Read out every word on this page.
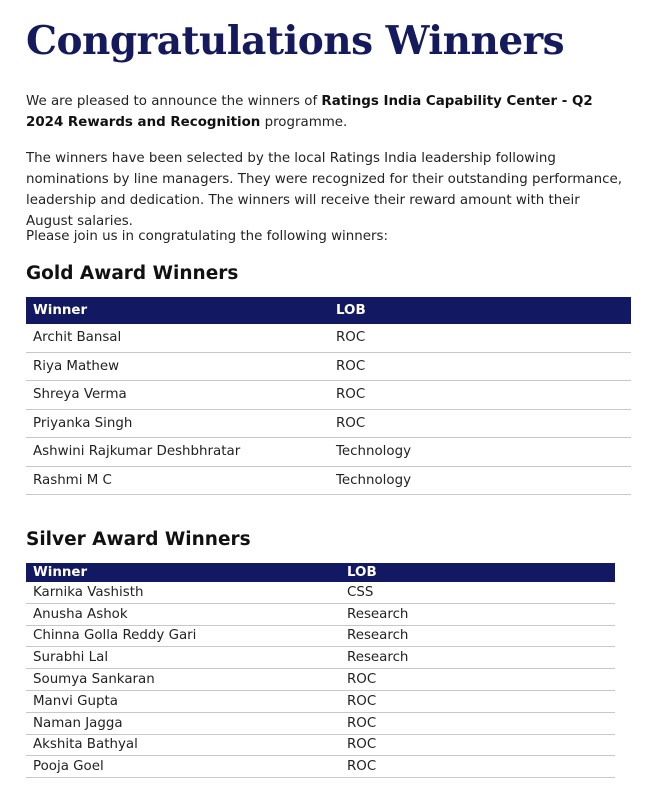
Congratulations Winners

We are pleased to announce the winners of Ratings India Capability Center - Q2 2024 Rewards and Recognition programme.

The winners have been selected by the local Ratings India leadership following nominations by line managers. They were recognized for their outstanding performance, leadership and dedication. The winners will receive their reward amount with their August salaries.

Please join us in congratulating the following winners:

Gold Award Winners
Winner	LOB
Archit Bansal	ROC
Riya Mathew	ROC
Shreya Verma	ROC
Priyanka Singh	ROC
Ashwini Rajkumar Deshbhratar	Technology
Rashmi M C	Technology
Silver Award Winners
Winner	LOB
Karnika Vashisth	CSS
Anusha Ashok	Research
Chinna Golla Reddy Gari	Research
Surabhi Lal	Research
Soumya Sankaran	ROC
Manvi Gupta	ROC
Naman Jagga	ROC
Akshita Bathyal	ROC
Pooja Goel	ROC
